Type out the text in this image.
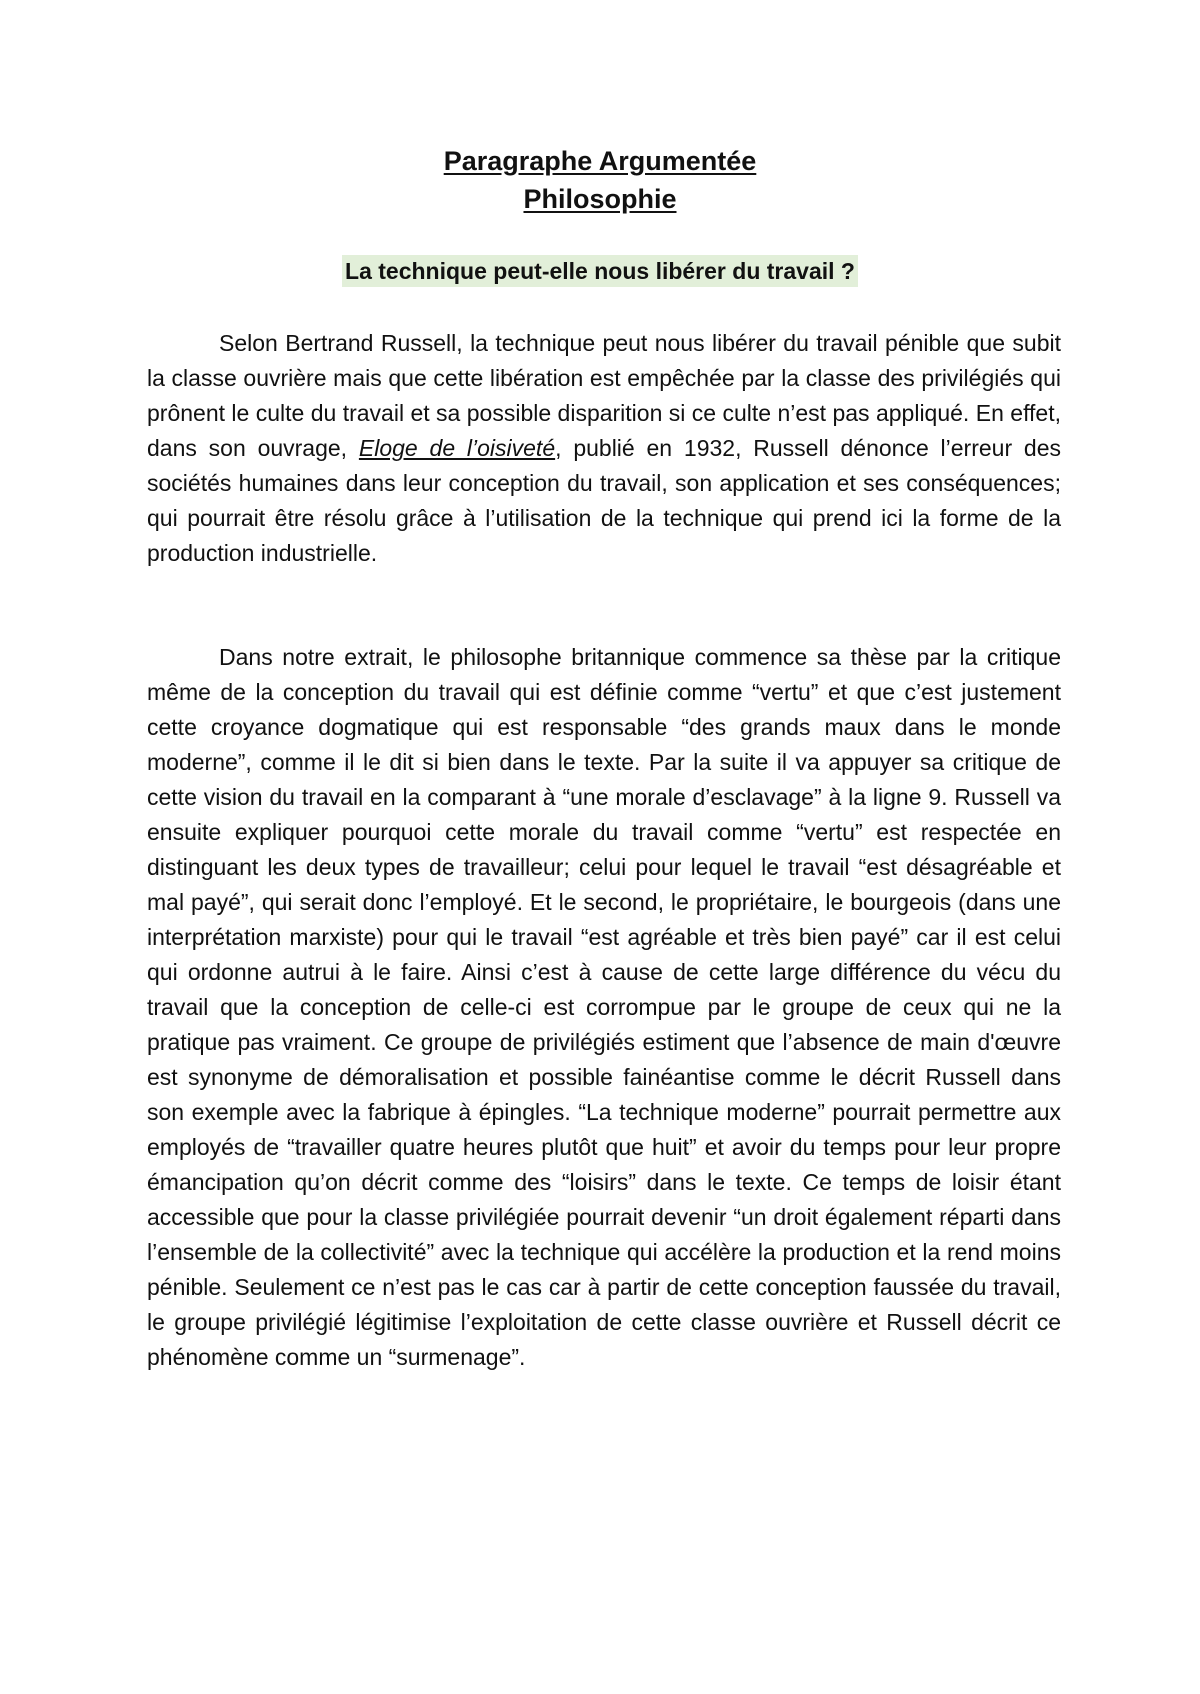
Paragraphe Argumentée
Philosophie
La technique peut-elle nous libérer du travail ?

Selon Bertrand Russell, la technique peut nous libérer du travail pénible que subit la classe ouvrière mais que cette libération est empêchée par la classe des privilégiés qui prônent le culte du travail et sa possible disparition si ce culte n’est pas appliqué. En effet, dans son ouvrage, Eloge de l’oisiveté, publié en 1932, Russell dénonce l’erreur des sociétés humaines dans leur conception du travail, son application et ses conséquences; qui pourrait être résolu grâce à l’utilisation de la technique qui prend ici la forme de la production industrielle.

Dans notre extrait, le philosophe britannique commence sa thèse par la critique même de la conception du travail qui est définie comme “vertu” et que c’est justement cette croyance dogmatique qui est responsable “des grands maux dans le monde moderne”, comme il le dit si bien dans le texte. Par la suite il va appuyer sa critique de cette vision du travail en la comparant à “une morale d’esclavage” à la ligne 9. Russell va ensuite expliquer pourquoi cette morale du travail comme “vertu” est respectée en distinguant les deux types de travailleur; celui pour lequel le travail “est désagréable et mal payé”, qui serait donc l’employé. Et le second, le propriétaire, le bourgeois (dans une interprétation marxiste) pour qui le travail “est agréable et très bien payé” car il est celui qui ordonne autrui à le faire. Ainsi c’est à cause de cette large différence du vécu du travail que la conception de celle-ci est corrompue par le groupe de ceux qui ne la pratique pas vraiment. Ce groupe de privilégiés estiment que l’absence de main d'œuvre est synonyme de démoralisation et possible fainéantise comme le décrit Russell dans son exemple avec la fabrique à épingles. “La technique moderne” pourrait permettre aux employés de “travailler quatre heures plutôt que huit” et avoir du temps pour leur propre émancipation qu’on décrit comme des “loisirs” dans le texte. Ce temps de loisir étant accessible que pour la classe privilégiée pourrait devenir “un droit également réparti dans l’ensemble de la collectivité” avec la technique qui accélère la production et la rend moins pénible. Seulement ce n’est pas le cas car à partir de cette conception faussée du travail, le groupe privilégié légitimise l’exploitation de cette classe ouvrière et Russell décrit ce phénomène comme un “surmenage”.
